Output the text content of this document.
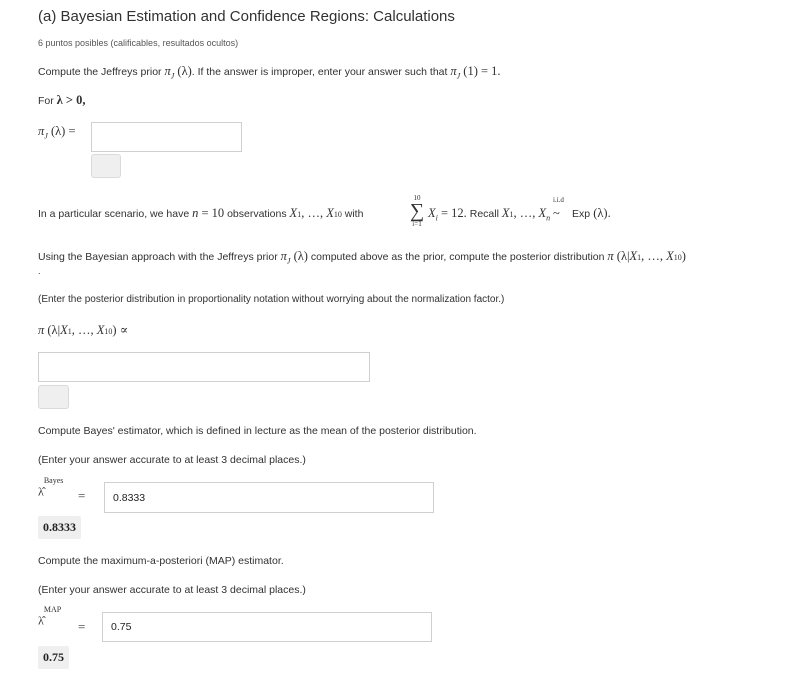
(a) Bayesian Estimation and Confidence Regions: Calculations
6 puntos posibles (calificables, resultados ocultos)
Compute the Jeffreys prior $\pi_J$ (λ). If the answer is improper, enter your answer such that $\pi_J$ (1) = 1.
For λ > 0,
$\pi_J$ (λ) =
In a particular scenario, we have n = 10 observations X1, …, X10 with
10
∑
i=1
$X_i = 12$. Recall X1, …, $X_n$
i.i.d
~ Exp (λ).
Using the Bayesian approach with the Jeffreys prior $\pi_J$ (λ) computed above as the prior, compute the posterior distribution π (λ|X1, …, X10)
.
(Enter the posterior distribution in proportionality notation without worrying about the normalization factor.)
π (λ|X1, …, X10) ∝
Compute Bayes' estimator, which is defined in lecture as the mean of the posterior distribution.
(Enter your answer accurate to at least 3 decimal places.)
λ̂$^{Bayes}$
=
0.8333
0.8333
Compute the maximum-a-posteriori (MAP) estimator.
(Enter your answer accurate to at least 3 decimal places.)
λ̂$^{MAP}$
=
0.75
0.75
